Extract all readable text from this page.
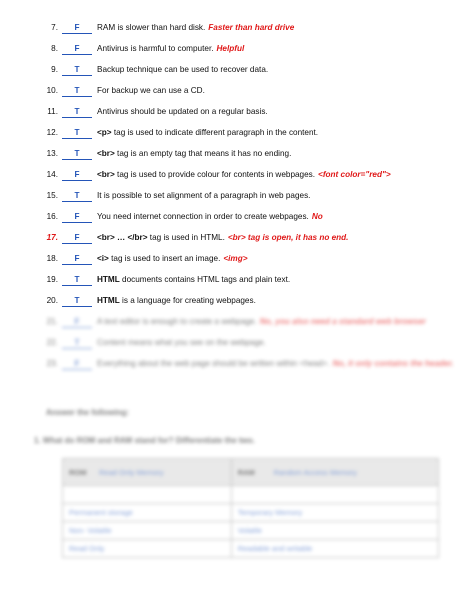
7.	F	RAM is slower than hard disk. Faster than hard drive
8.	F	Antivirus is harmful to computer. Helpful
9.	T	Backup technique can be used to recover data.
10.	T	For backup we can use a CD.
11.	T	Antivirus should be updated on a regular basis.
12.	T	<p> tag is used to indicate different paragraph in the content.
13.	T	<br> tag is an empty tag that means it has no ending.
14.	F	<br> tag is used to provide colour for contents in webpages. <font color="red">
15.	T	It is possible to set alignment of a paragraph in web pages.
16.	F	You need internet connection in order to create webpages. No
17.	F	<br> … </br> tag is used in HTML. <br> tag is open, it has no end.
18.	F	<i> tag is used to insert an image. <img>
19.	T	HTML documents contains HTML tags and plain text.
20.	T	HTML is a language for creating webpages.
21.	F	A text editor is enough to create a webpage. No, you also need a standard web browser
22.	T	Content means what you see on the webpage.
23.	F	Everything about the web page should be written within <head>. No, it only contains the header.
Answer the following:
1. What do ROM and RAM stand for? Differentiate the two.
ROM Read Only Memory	RAM Random Access Memory

Permanent storage	Temporary Memory
Non- Volatile	Volatile
Read Only	Readable and writable
